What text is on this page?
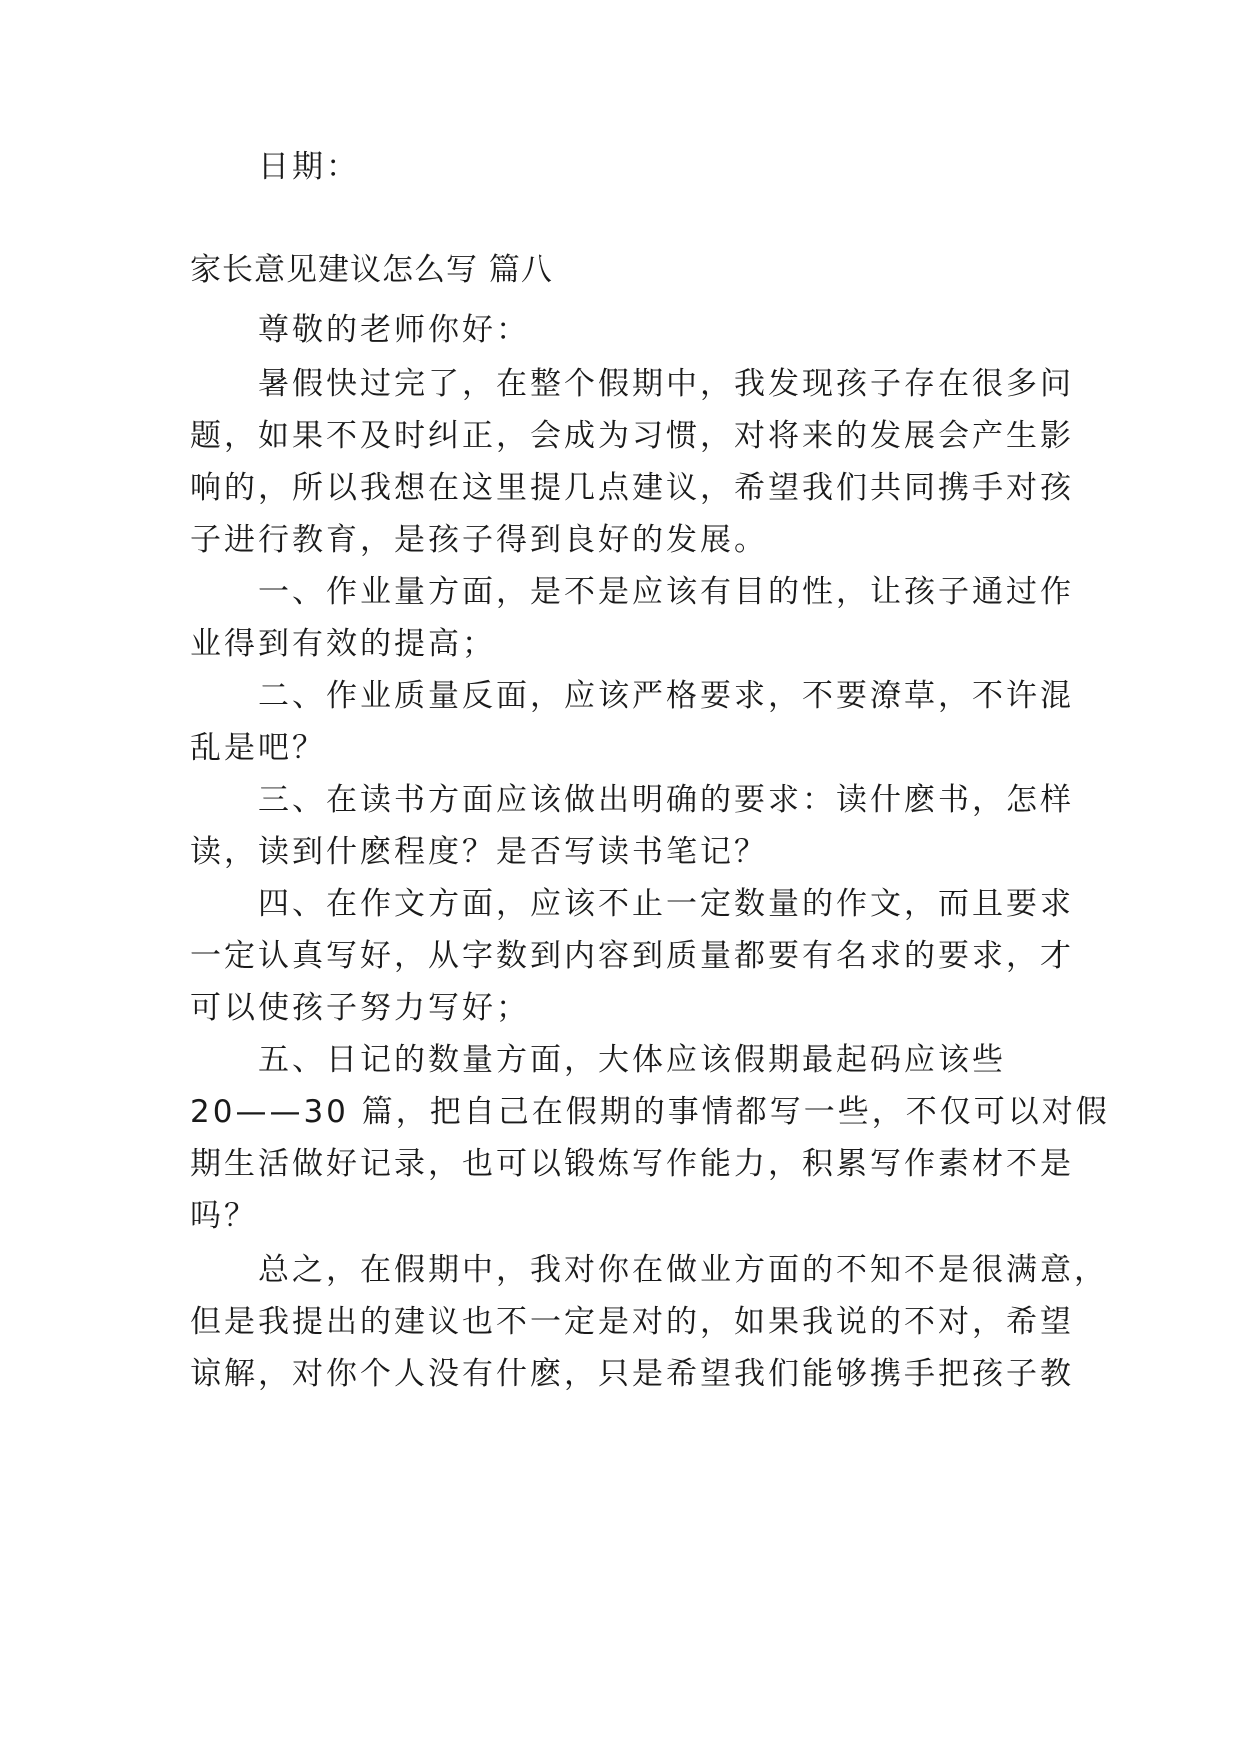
日期：
家长意见建议怎么写 篇八
尊敬的老师你好：
暑假快过完了，在整个假期中，我发现孩子存在很多问
题，如果不及时纠正，会成为习惯，对将来的发展会产生影
响的，所以我想在这里提几点建议，希望我们共同携手对孩
子进行教育，是孩子得到良好的发展。
一、作业量方面，是不是应该有目的性，让孩子通过作
业得到有效的提高；
二、作业质量反面，应该严格要求，不要潦草，不许混
乱是吧？
三、在读书方面应该做出明确的要求：读什麽书，怎样
读，读到什麽程度？是否写读书笔记？
四、在作文方面，应该不止一定数量的作文，而且要求
一定认真写好，从字数到内容到质量都要有名求的要求，才
可以使孩子努力写好；
五、日记的数量方面，大体应该假期最起码应该些
20——30 篇，把自己在假期的事情都写一些，不仅可以对假
期生活做好记录，也可以锻炼写作能力，积累写作素材不是
吗？
总之，在假期中，我对你在做业方面的不知不是很满意，
但是我提出的建议也不一定是对的，如果我说的不对，希望
谅解，对你个人没有什麽，只是希望我们能够携手把孩子教
